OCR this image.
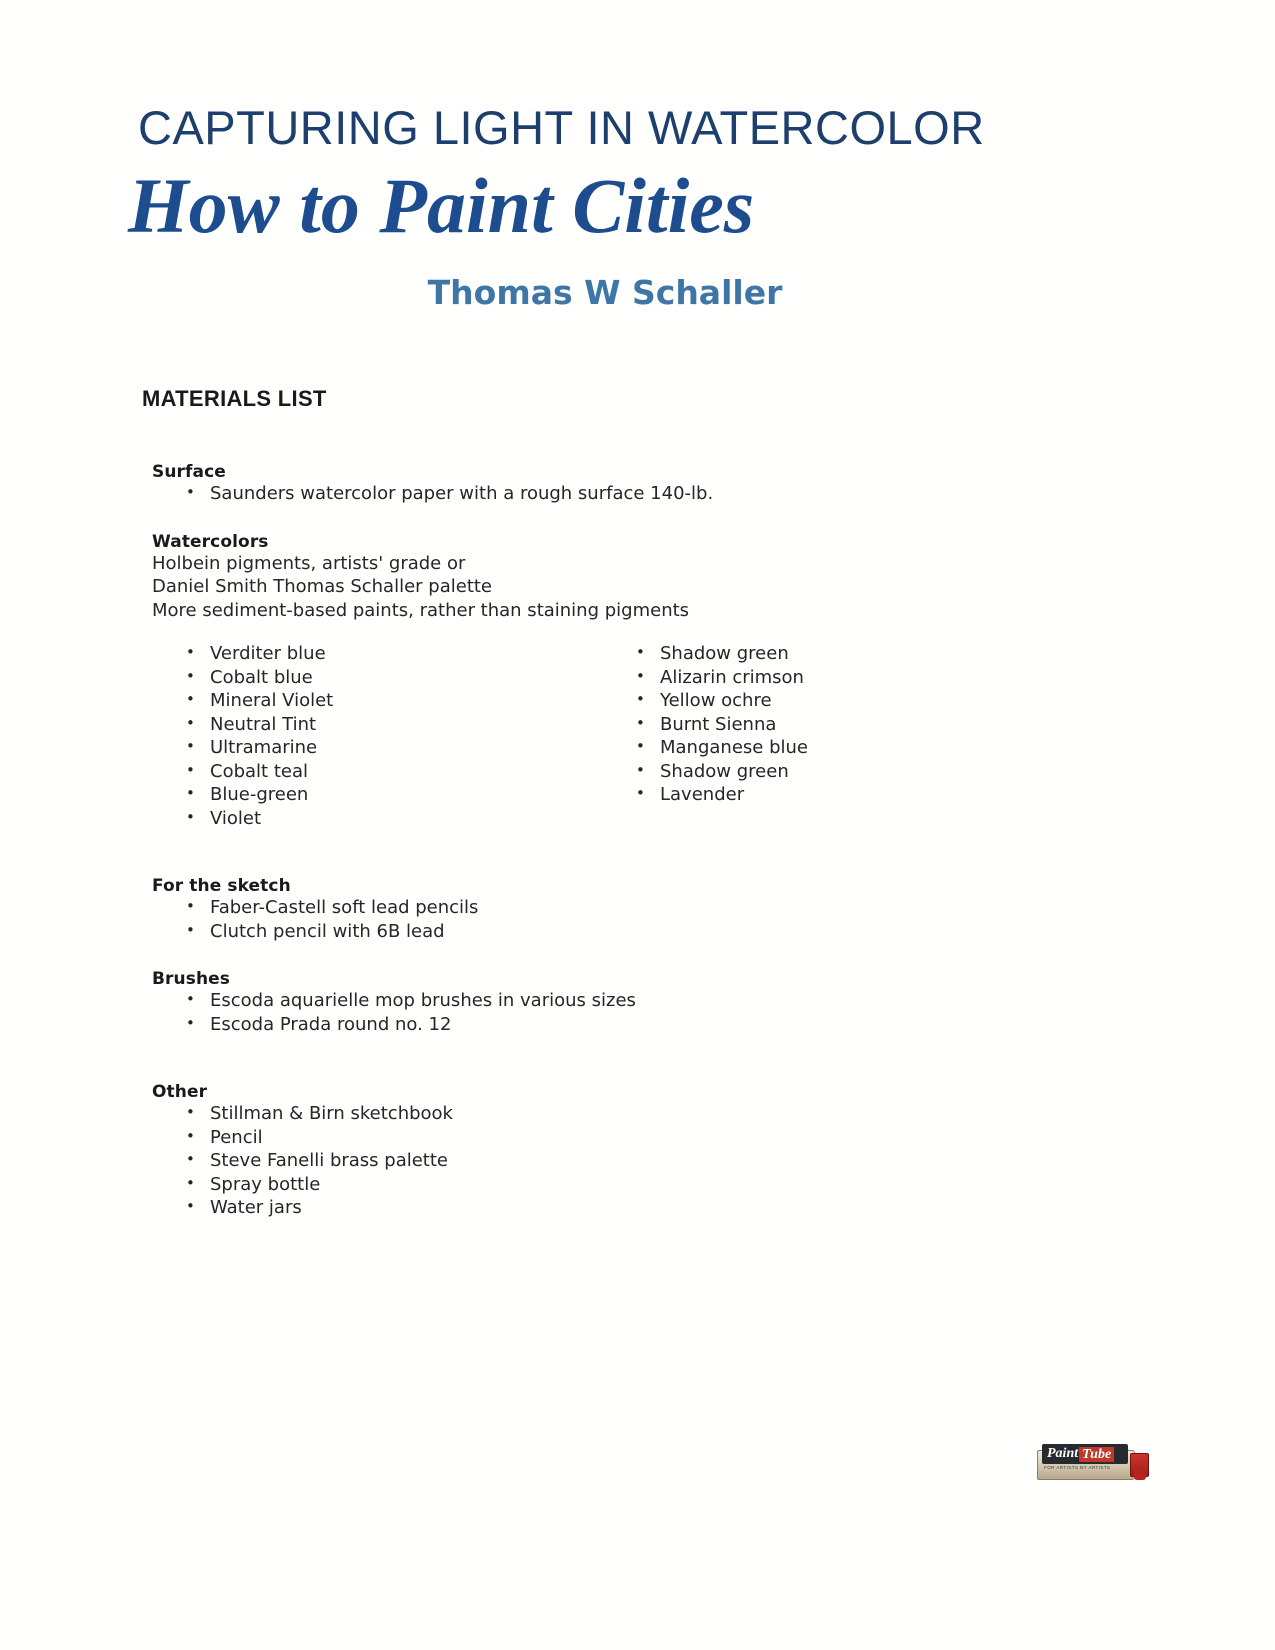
CAPTURING LIGHT IN WATERCOLOR
How to Paint Cities
Thomas W Schaller
MATERIALS LIST
Surface
• Saunders watercolor paper with a rough surface 140-lb.
Watercolors
Holbein pigments, artists' grade or
Daniel Smith Thomas Schaller palette
More sediment-based paints, rather than staining pigments
• Verditer blue
• Cobalt blue
• Mineral Violet
• Neutral Tint
• Ultramarine
• Cobalt teal
• Blue-green
• Violet
• Shadow green
• Alizarin crimson
• Yellow ochre
• Burnt Sienna
• Manganese blue
• Shadow green
• Lavender
For the sketch
• Faber-Castell soft lead pencils
• Clutch pencil with 6B lead
Brushes
• Escoda aquarielle mop brushes in various sizes
• Escoda Prada round no. 12
Other
• Stillman & Birn sketchbook
• Pencil
• Steve Fanelli brass palette
• Spray bottle
• Water jars
Paint Tube
FOR ARTISTS BY ARTISTS
